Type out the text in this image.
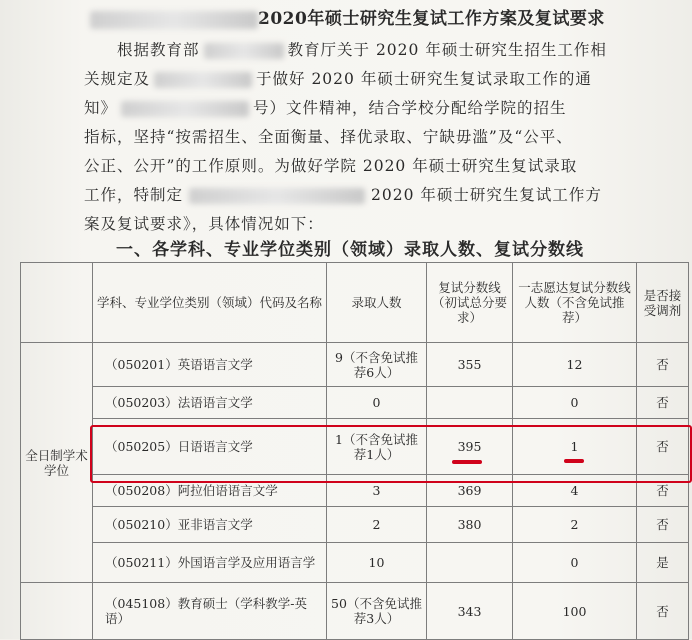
2020年硕士研究生复试工作方案及复试要求
根据教育部	教育厅关于 2020 年硕士研究生招生工作相
关规定及	于做好 2020 年硕士研究生复试录取工作的通
知》	号）文件精神，结合学校分配给学院的招生
指标，坚持“按需招生、全面衡量、择优录取、宁缺毋滥”及“公平、
公正、公开”的工作原则。为做好学院 2020 年硕士研究生复试录取
工作，特制定	2020 年硕士研究生复试工作方
案及复试要求》，具体情况如下：
一、各学科、专业学位类别（领域）录取人数、复试分数线
	学科、专业学位类别（领域）代码及名称	录取人数	复试分数线（初试总分要求）	一志愿达复试分数线人数（不含免试推荐）	是否接受调剂
全日制学术学位	（050201）英语语言文学	9（不含免试推荐6人）	355	12	否
	（050203）法语语言文学	0		0	否
	（050205）日语语言文学	1（不含免试推荐1人）	395	1	否
	（050208）阿拉伯语语言文学	3	369	4	否
	（050210）亚非语言文学	2	380	2	否
	（050211）外国语言学及应用语言学	10		0	是
	（045108）教育硕士（学科教学-英语）	50（不含免试推荐3人）	343	100	否
